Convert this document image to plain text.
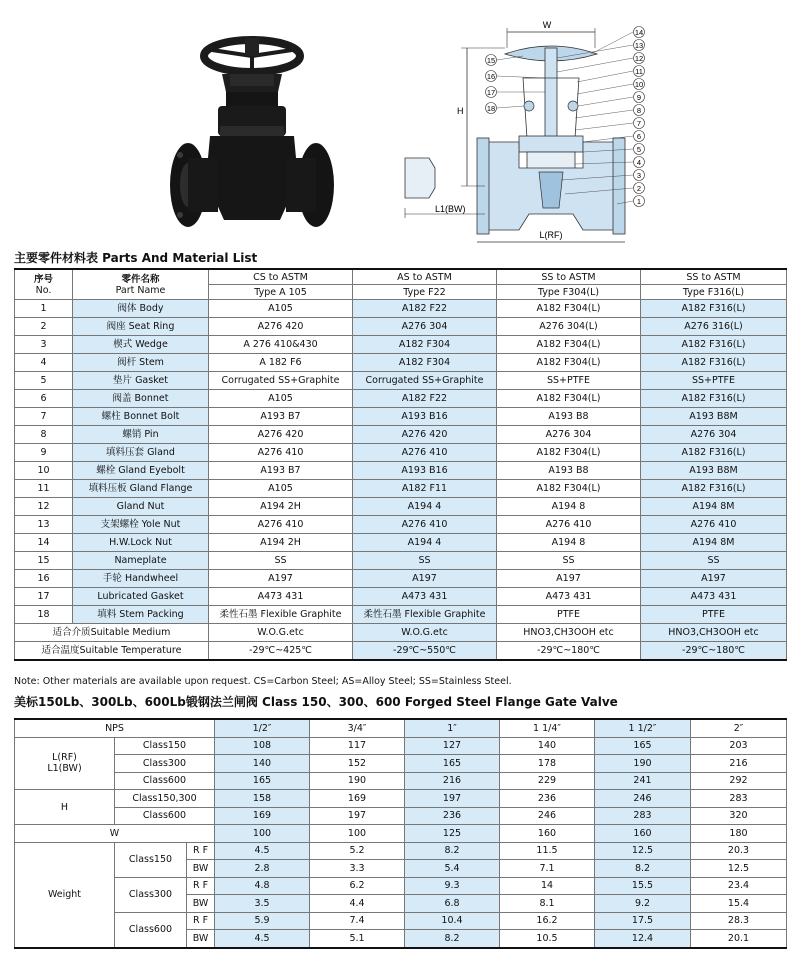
W
L1(BW)
H
L(RF)
14
13
12
11
10
9
8
7
6
5
4
3
2
1
15
16
17
18
主要零件材料表 Parts And Material List
序号
No.	零件名称
Part Name	CS to ASTM	AS to ASTM	SS to ASTM	SS to ASTM
		Type A 105	Type F22	Type F304(L)	Type F316(L)
1	阀体 Body	A105	A182 F22	A182 F304(L)	A182 F316(L)
2	阀座 Seat Ring	A276 420	A276 304	A276 304(L)	A276 316(L)
3	楔式 Wedge	A 276 410&430	A182 F304	A182 F304(L)	A182 F316(L)
4	阀杆 Stem	A 182 F6	A182 F304	A182 F304(L)	A182 F316(L)
5	垫片 Gasket	Corrugated SS+Graphite	Corrugated SS+Graphite	SS+PTFE	SS+PTFE
6	阀盖 Bonnet	A105	A182 F22	A182 F304(L)	A182 F316(L)
7	螺柱 Bonnet Bolt	A193 B7	A193 B16	A193 B8	A193 B8M
8	螺销 Pin	A276 420	A276 420	A276 304	A276 304
9	填料压套 Gland	A276 410	A276 410	A182 F304(L)	A182 F316(L)
10	螺栓 Gland Eyebolt	A193 B7	A193 B16	A193 B8	A193 B8M
11	填料压板 Gland Flange	A105	A182 F11	A182 F304(L)	A182 F316(L)
12	Gland Nut	A194 2H	A194 4	A194 8	A194 8M
13	支架螺栓 Yole Nut	A276 410	A276 410	A276 410	A276 410
14	H.W.Lock Nut	A194 2H	A194 4	A194 8	A194 8M
15	Nameplate	SS	SS	SS	SS
16	手轮 Handwheel	A197	A197	A197	A197
17	Lubricated Gasket	A473 431	A473 431	A473 431	A473 431
18	填料 Stem Packing	柔性石墨 Flexible Graphite	柔性石墨 Flexible Graphite	PTFE	PTFE
适合介质Suitable Medium		W.O.G.etc	W.O.G.etc	HNO3,CH3OOH etc	HNO3,CH3OOH etc
适合温度Suitable Temperature		-29℃~425℃	-29℃~550℃	-29℃~180℃	-29℃~180℃
Note: Other materials are available upon request. CS=Carbon Steel; AS=Alloy Steel; SS=Stainless Steel.
美标150Lb、300Lb、600Lb锻钢法兰闸阀 Class 150、300、600 Forged Steel Flange Gate Valve
NPS			1/2″	3/4″	1″	1 1/4″	1 1/2″	2″
L(RF)
L1(BW)	Class150		108	117	127	140	165	203
	Class300		140	152	165	178	190	216
	Class600		165	190	216	229	241	292
H	Class150,300		158	169	197	236	246	283
	Class600		169	197	236	246	283	320
W			100	100	125	160	160	180
Weight	Class150	R F	4.5	5.2	8.2	11.5	12.5	20.3
		BW	2.8	3.3	5.4	7.1	8.2	12.5
	Class300	R F	4.8	6.2	9.3	14	15.5	23.4
		BW	3.5	4.4	6.8	8.1	9.2	15.4
	Class600	R F	5.9	7.4	10.4	16.2	17.5	28.3
		BW	4.5	5.1	8.2	10.5	12.4	20.1
